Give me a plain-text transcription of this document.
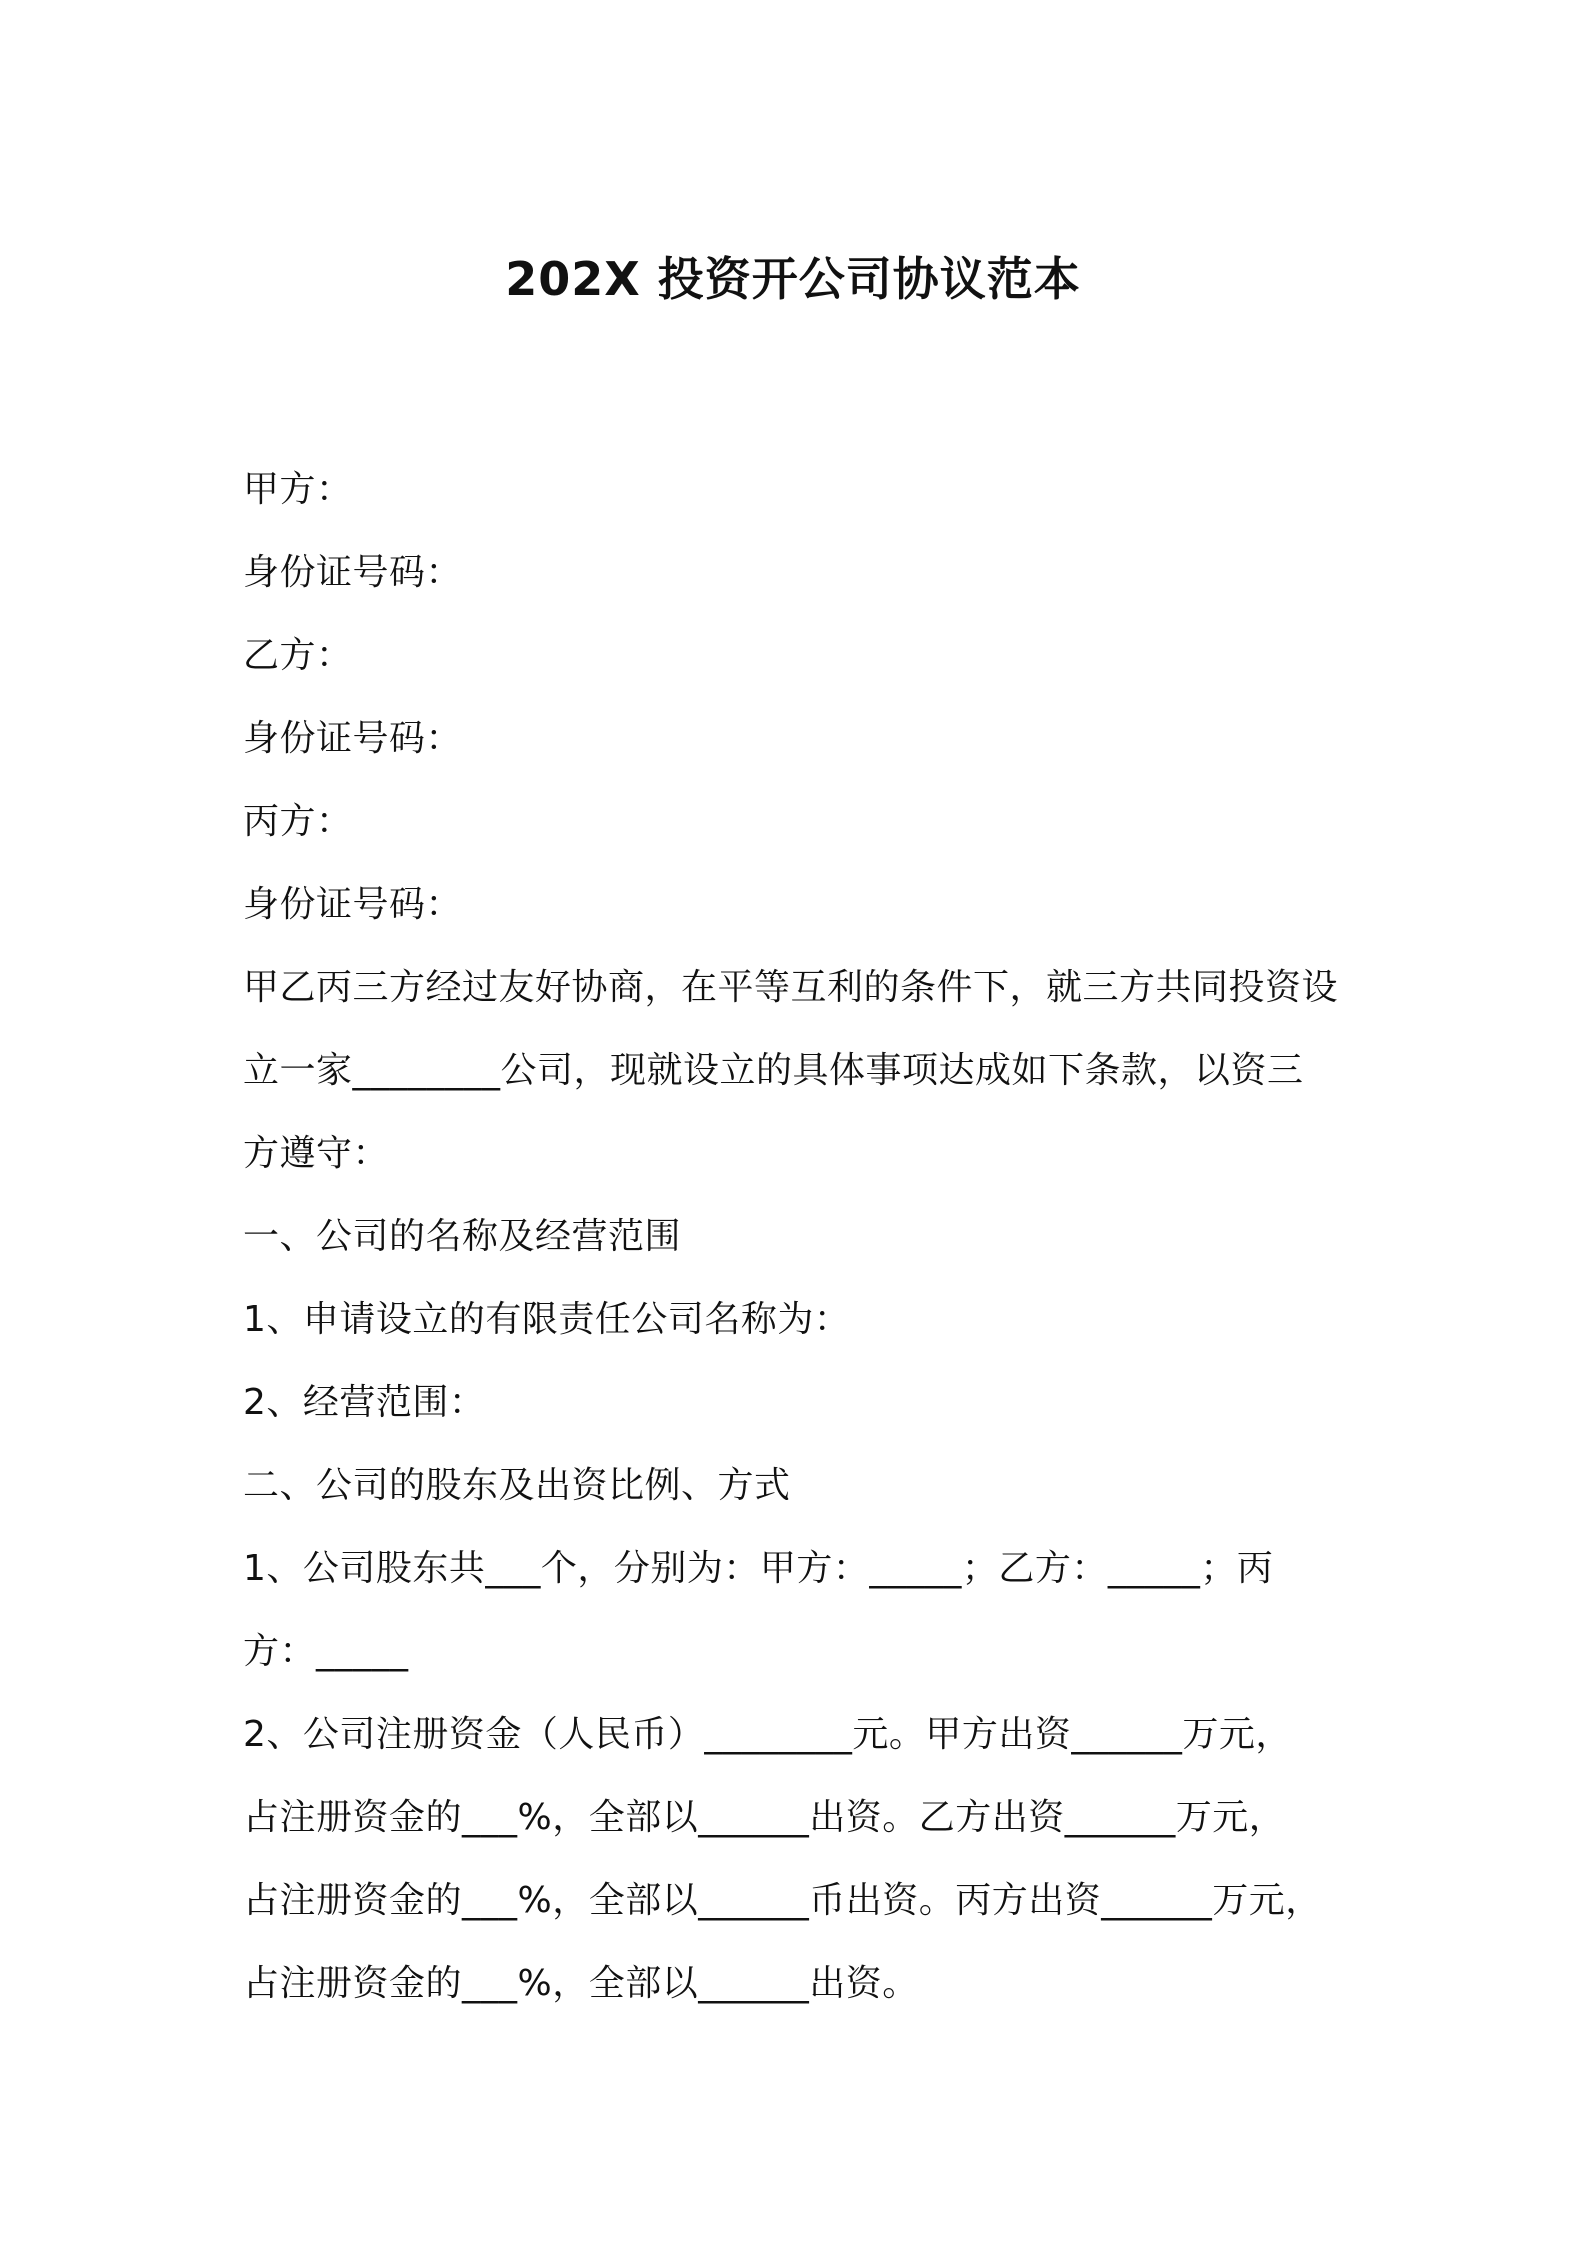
202X 投资开公司协议范本
甲方：
身份证号码：
乙方：
身份证号码：
丙方：
身份证号码：
甲乙丙三方经过友好协商，在平等互利的条件下，就三方共同投资设
立一家________公司，现就设立的具体事项达成如下条款，以资三
方遵守：
一、公司的名称及经营范围
1、申请设立的有限责任公司名称为：
2、经营范围：
二、公司的股东及出资比例、方式
1、公司股东共___个，分别为：甲方：_____；乙方：_____；丙
方：_____
2、公司注册资金（人民币）________元。甲方出资______万元，
占注册资金的___%，全部以______出资。乙方出资______万元，
占注册资金的___%，全部以______币出资。丙方出资______万元，
占注册资金的___%，全部以______出资。
